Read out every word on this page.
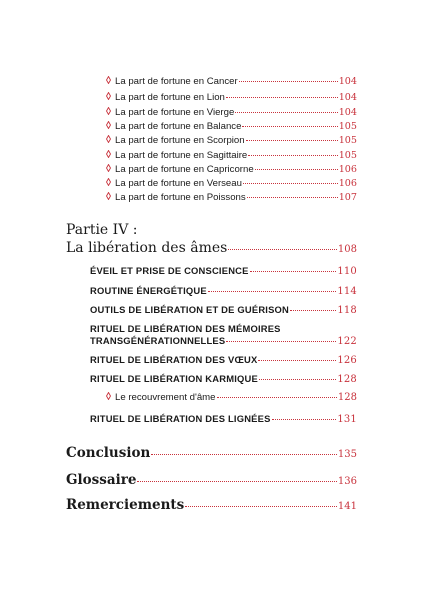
La part de fortune en Cancer	104
La part de fortune en Lion	104
La part de fortune en Vierge	104
La part de fortune en Balance	105
La part de fortune en Scorpion	105
La part de fortune en Sagittaire	105
La part de fortune en Capricorne	106
La part de fortune en Verseau	106
La part de fortune en Poissons	107
Partie IV :
La libération des âmes	108
ÉVEIL ET PRISE DE CONSCIENCE	110
ROUTINE ÉNERGÉTIQUE	114
OUTILS DE LIBÉRATION ET DE GUÉRISON	118
RITUEL DE LIBÉRATION DES MÉMOIRES
TRANSGÉNÉRATIONNELLES	122
RITUEL DE LIBÉRATION DES VŒUX	126
RITUEL DE LIBÉRATION KARMIQUE	128
Le recouvrement d'âme	128
RITUEL DE LIBÉRATION DES LIGNÉES	131
Conclusion	135
Glossaire	136
Remerciements	141
